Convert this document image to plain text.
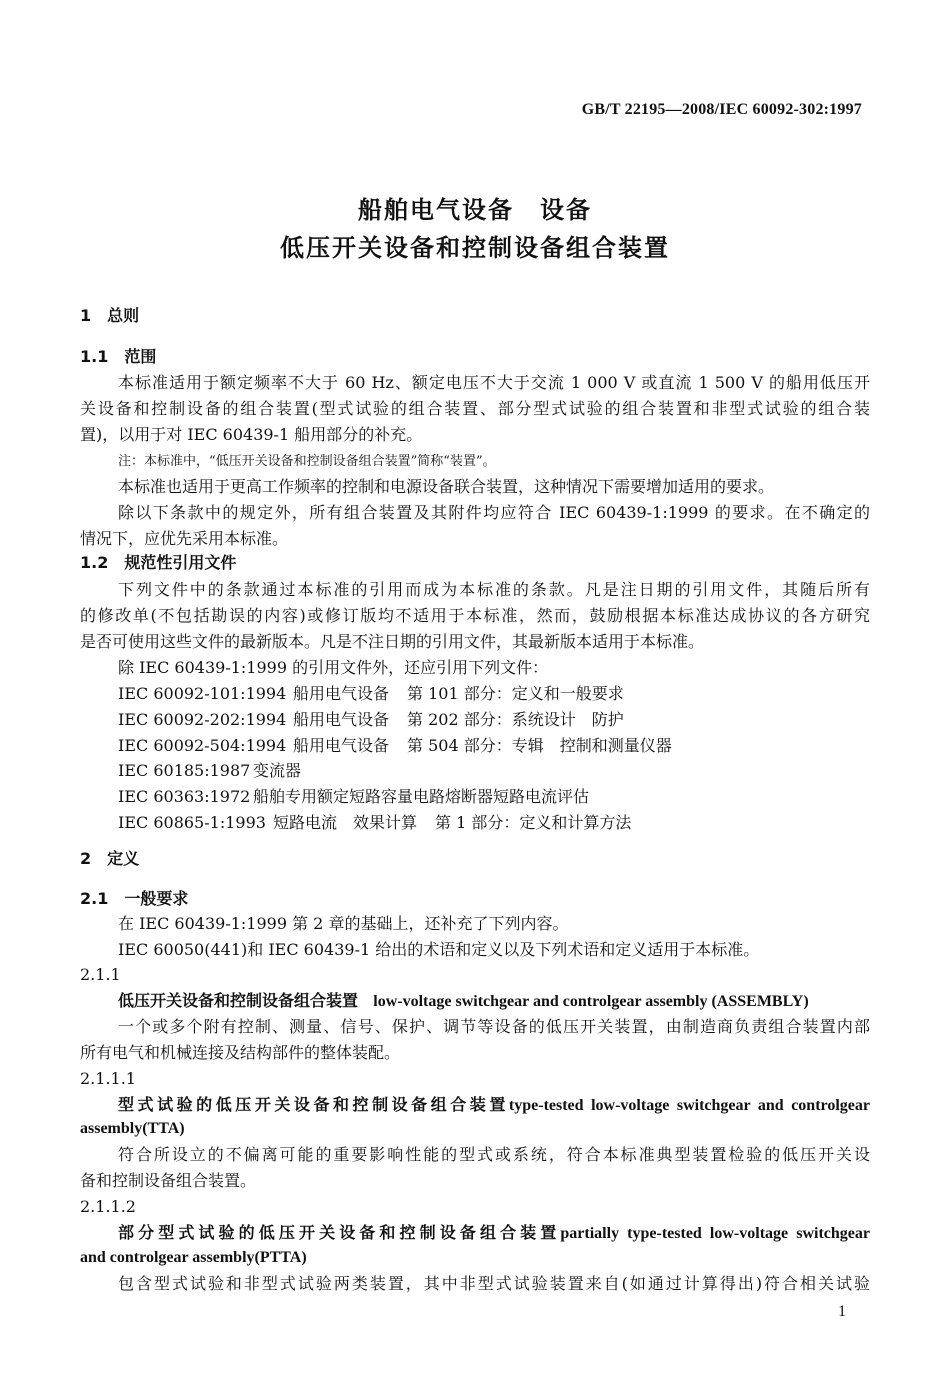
GB/T 22195—2008/IEC 60092-302:1997
船舶电气设备　设备
低压开关设备和控制设备组合装置
1　总则
1.1　范围
本标准适用于额定频率不大于 60 Hz、额定电压不大于交流 1 000 V 或直流 1 500 V 的船用低压开
关设备和控制设备的组合装置(型式试验的组合装置、部分型式试验的组合装置和非型式试验的组合装
置)，以用于对 IEC 60439-1 船用部分的补充。
注：本标准中，“低压开关设备和控制设备组合装置”简称“装置”。
本标准也适用于更高工作频率的控制和电源设备联合装置，这种情况下需要增加适用的要求。
除以下条款中的规定外，所有组合装置及其附件均应符合 IEC 60439-1:1999 的要求。在不确定的
情况下，应优先采用本标准。
1.2　规范性引用文件
下列文件中的条款通过本标准的引用而成为本标准的条款。凡是注日期的引用文件，其随后所有
的修改单(不包括勘误的内容)或修订版均不适用于本标准，然而，鼓励根据本标准达成协议的各方研究
是否可使用这些文件的最新版本。凡是不注日期的引用文件，其最新版本适用于本标准。
除 IEC 60439-1:1999 的引用文件外，还应引用下列文件：
IEC 60092-101:1994 船用电气设备 第 101 部分：定义和一般要求
IEC 60092-202:1994 船用电气设备 第 202 部分：系统设计　防护
IEC 60092-504:1994 船用电气设备 第 504 部分：专辑　控制和测量仪器
IEC 60185:1987 变流器
IEC 60363:1972 船舶专用额定短路容量电路熔断器短路电流评估
IEC 60865-1:1993 短路电流　效果计算 第 1 部分：定义和计算方法
2　定义
2.1　一般要求
在 IEC 60439-1:1999 第 2 章的基础上，还补充了下列内容。
IEC 60050(441)和 IEC 60439-1 给出的术语和定义以及下列术语和定义适用于本标准。
2.1.1
低压开关设备和控制设备组合装置 low-voltage switchgear and controlgear assembly (ASSEMBLY)
一个或多个附有控制、测量、信号、保护、调节等设备的低压开关装置，由制造商负责组合装置内部
所有电气和机械连接及结构部件的整体装配。
2.1.1.1
型式试验的低压开关设备和控制设备组合装置type-tested low-voltage switchgear and controlgear
assembly(TTA)
符合所设立的不偏离可能的重要影响性能的型式或系统，符合本标准典型装置检验的低压开关设
备和控制设备组合装置。
2.1.1.2
部分型式试验的低压开关设备和控制设备组合装置partially type-tested low-voltage switchgear
and controlgear assembly(PTTA)
包含型式试验和非型式试验两类装置，其中非型式试验装置来自(如通过计算得出)符合相关试验
1
